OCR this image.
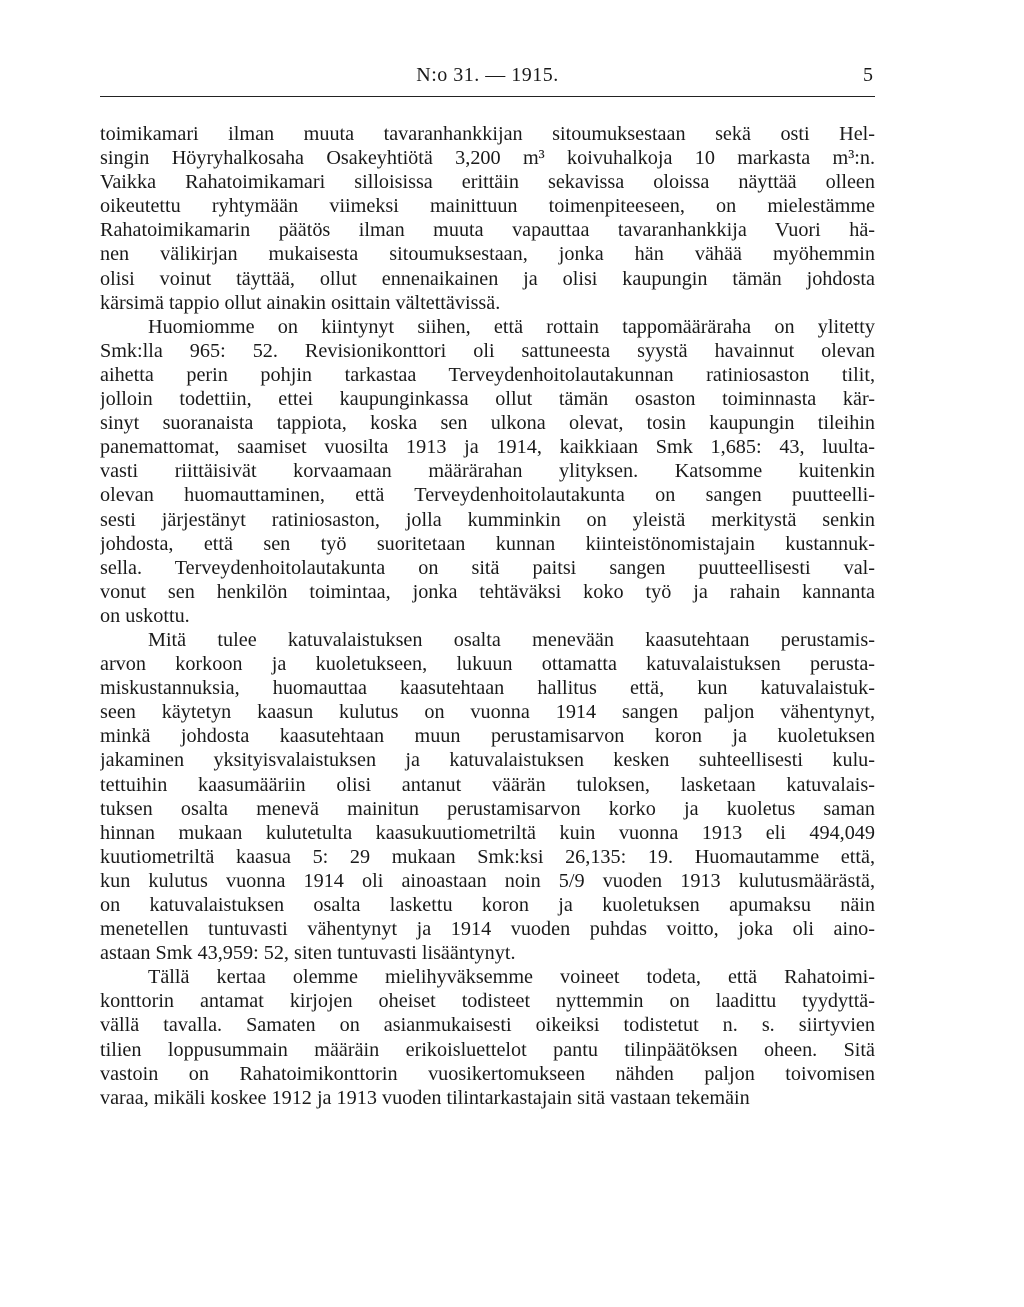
N:o 31. — 1915.	5
toimikamari ilman muuta tavaranhankkijan sitoumuksestaan sekä osti Hel-
singin Höyryhalkosaha Osakeyhtiötä 3,200 m³ koivuhalkoja 10 markasta m³:n.
Vaikka Rahatoimikamari silloisissa erittäin sekavissa oloissa näyttää olleen
oikeutettu ryhtymään viimeksi mainittuun toimenpiteeseen, on mielestämme
Rahatoimikamarin päätös ilman muuta vapauttaa tavaranhankkija Vuori hä-
nen välikirjan mukaisesta sitoumuksestaan, jonka hän vähää myöhemmin
olisi voinut täyttää, ollut ennenaikainen ja olisi kaupungin tämän johdosta
kärsimä tappio ollut ainakin osittain vältettävissä.
Huomiomme on kiintynyt siihen, että rottain tappomääräraha on ylitetty
Smk:lla 965: 52. Revisionikonttori oli sattuneesta syystä havainnut olevan
aihetta perin pohjin tarkastaa Terveydenhoitolautakunnan ratiniosaston tilit,
jolloin todettiin, ettei kaupunginkassa ollut tämän osaston toiminnasta kär-
sinyt suoranaista tappiota, koska sen ulkona olevat, tosin kaupungin tileihin
panemattomat, saamiset vuosilta 1913 ja 1914, kaikkiaan Smk 1,685: 43, luulta-
vasti riittäisivät korvaamaan määrärahan ylityksen. Katsomme kuitenkin
olevan huomauttaminen, että Terveydenhoitolautakunta on sangen puutteelli-
sesti järjestänyt ratiniosaston, jolla kumminkin on yleistä merkitystä senkin
johdosta, että sen työ suoritetaan kunnan kiinteistönomistajain kustannuk-
sella. Terveydenhoitolautakunta on sitä paitsi sangen puutteellisesti val-
vonut sen henkilön toimintaa, jonka tehtäväksi koko työ ja rahain kannanta
on uskottu.
Mitä tulee katuvalaistuksen osalta menevään kaasutehtaan perustamis-
arvon korkoon ja kuoletukseen, lukuun ottamatta katuvalaistuksen perusta-
miskustannuksia, huomauttaa kaasutehtaan hallitus että, kun katuvalaistuk-
seen käytetyn kaasun kulutus on vuonna 1914 sangen paljon vähentynyt,
minkä johdosta kaasutehtaan muun perustamisarvon koron ja kuoletuksen
jakaminen yksityisvalaistuksen ja katuvalaistuksen kesken suhteellisesti kulu-
tettuihin kaasumääriin olisi antanut väärän tuloksen, lasketaan katuvalais-
tuksen osalta menevä mainitun perustamisarvon korko ja kuoletus saman
hinnan mukaan kulutetulta kaasukuutiometriltä kuin vuonna 1913 eli 494,049
kuutiometriltä kaasua 5: 29 mukaan Smk:ksi 26,135: 19. Huomautamme että,
kun kulutus vuonna 1914 oli ainoastaan noin 5/9 vuoden 1913 kulutusmäärästä,
on katuvalaistuksen osalta laskettu koron ja kuoletuksen apumaksu näin
menetellen tuntuvasti vähentynyt ja 1914 vuoden puhdas voitto, joka oli aino-
astaan Smk 43,959: 52, siten tuntuvasti lisääntynyt.
Tällä kertaa olemme mielihyväksemme voineet todeta, että Rahatoimi-
konttorin antamat kirjojen oheiset todisteet nyttemmin on laadittu tyydyttä-
vällä tavalla. Samaten on asianmukaisesti oikeiksi todistetut n. s. siirtyvien
tilien loppusummain määräin erikoisluettelot pantu tilinpäätöksen oheen. Sitä
vastoin on Rahatoimikonttorin vuosikertomukseen nähden paljon toivomisen
varaa, mikäli koskee 1912 ja 1913 vuoden tilintarkastajain sitä vastaan tekemäin
